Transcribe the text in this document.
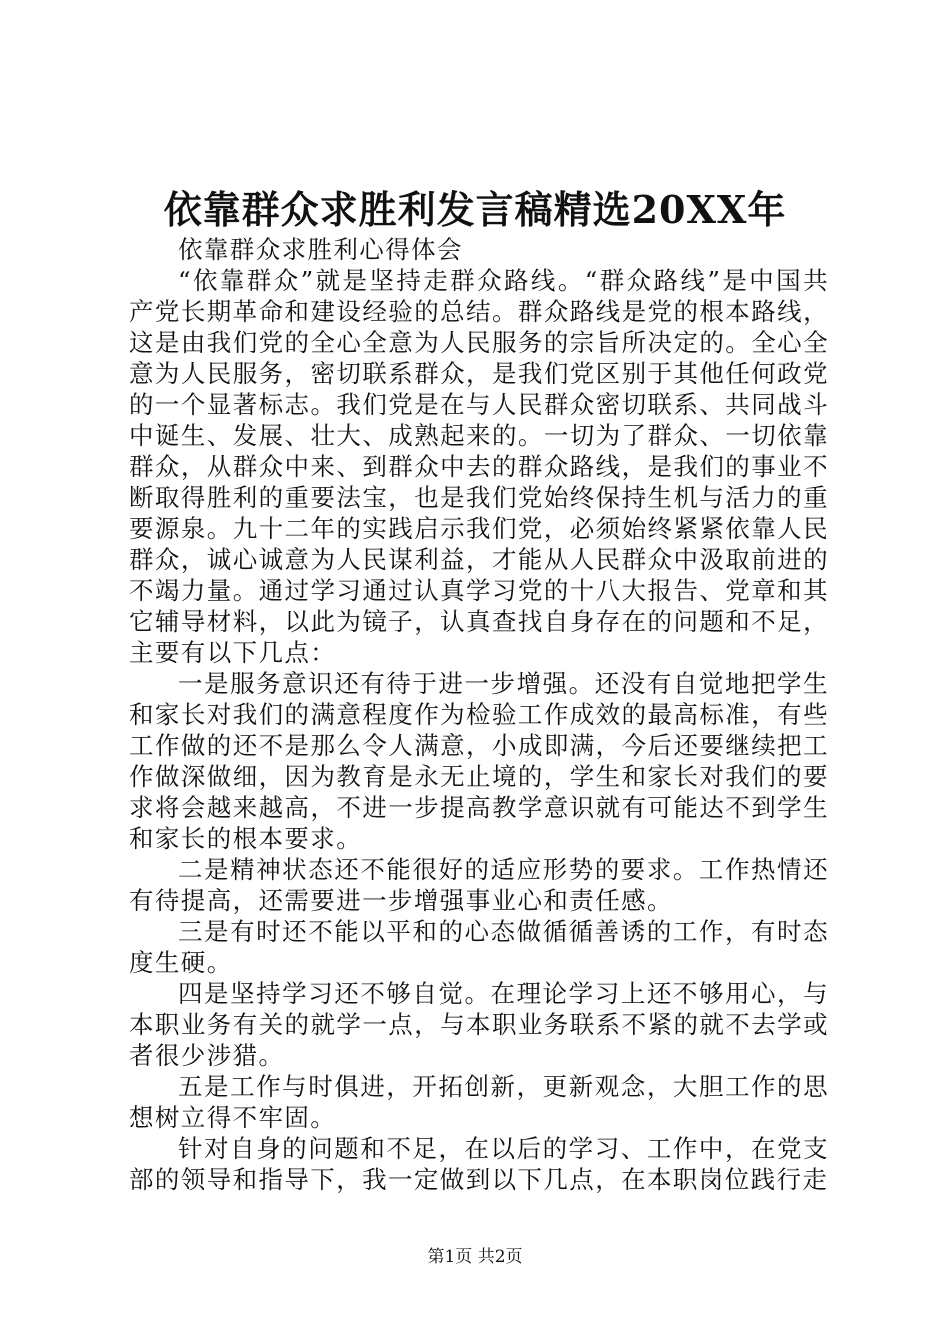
依靠群众求胜利发言稿精选20XX年

依靠群众求胜利心得体会

“依靠群众”就是坚持走群众路线。“群众路线”是中国共产党长期革命和建设经验的总结。群众路线是党的根本路线，这是由我们党的全心全意为人民服务的宗旨所决定的。全心全意为人民服务，密切联系群众，是我们党区别于其他任何政党的一个显著标志。我们党是在与人民群众密切联系、共同战斗中诞生、发展、壮大、成熟起来的。一切为了群众、一切依靠群众，从群众中来、到群众中去的群众路线，是我们的事业不断取得胜利的重要法宝，也是我们党始终保持生机与活力的重要源泉。九十二年的实践启示我们党，必须始终紧紧依靠人民群众，诚心诚意为人民谋利益，才能从人民群众中汲取前进的不竭力量。通过学习通过认真学习党的十八大报告、党章和其它辅导材料，以此为镜子，认真查找自身存在的问题和不足，主要有以下几点：

一是服务意识还有待于进一步增强。还没有自觉地把学生和家长对我们的满意程度作为检验工作成效的最高标准，有些工作做的还不是那么令人满意，小成即满，今后还要继续把工作做深做细，因为教育是永无止境的，学生和家长对我们的要求将会越来越高，不进一步提高教学意识就有可能达不到学生和家长的根本要求。

二是精神状态还不能很好的适应形势的要求。工作热情还有待提高，还需要进一步增强事业心和责任感。

三是有时还不能以平和的心态做循循善诱的工作，有时态度生硬。

四是坚持学习还不够自觉。在理论学习上还不够用心，与本职业务有关的就学一点，与本职业务联系不紧的就不去学或者很少涉猎。

五是工作与时俱进，开拓创新，更新观念，大胆工作的思想树立得不牢固。

针对自身的问题和不足，在以后的学习、工作中，在党支部的领导和指导下，我一定做到以下几点，在本职岗位践行走

第1页 共2页
